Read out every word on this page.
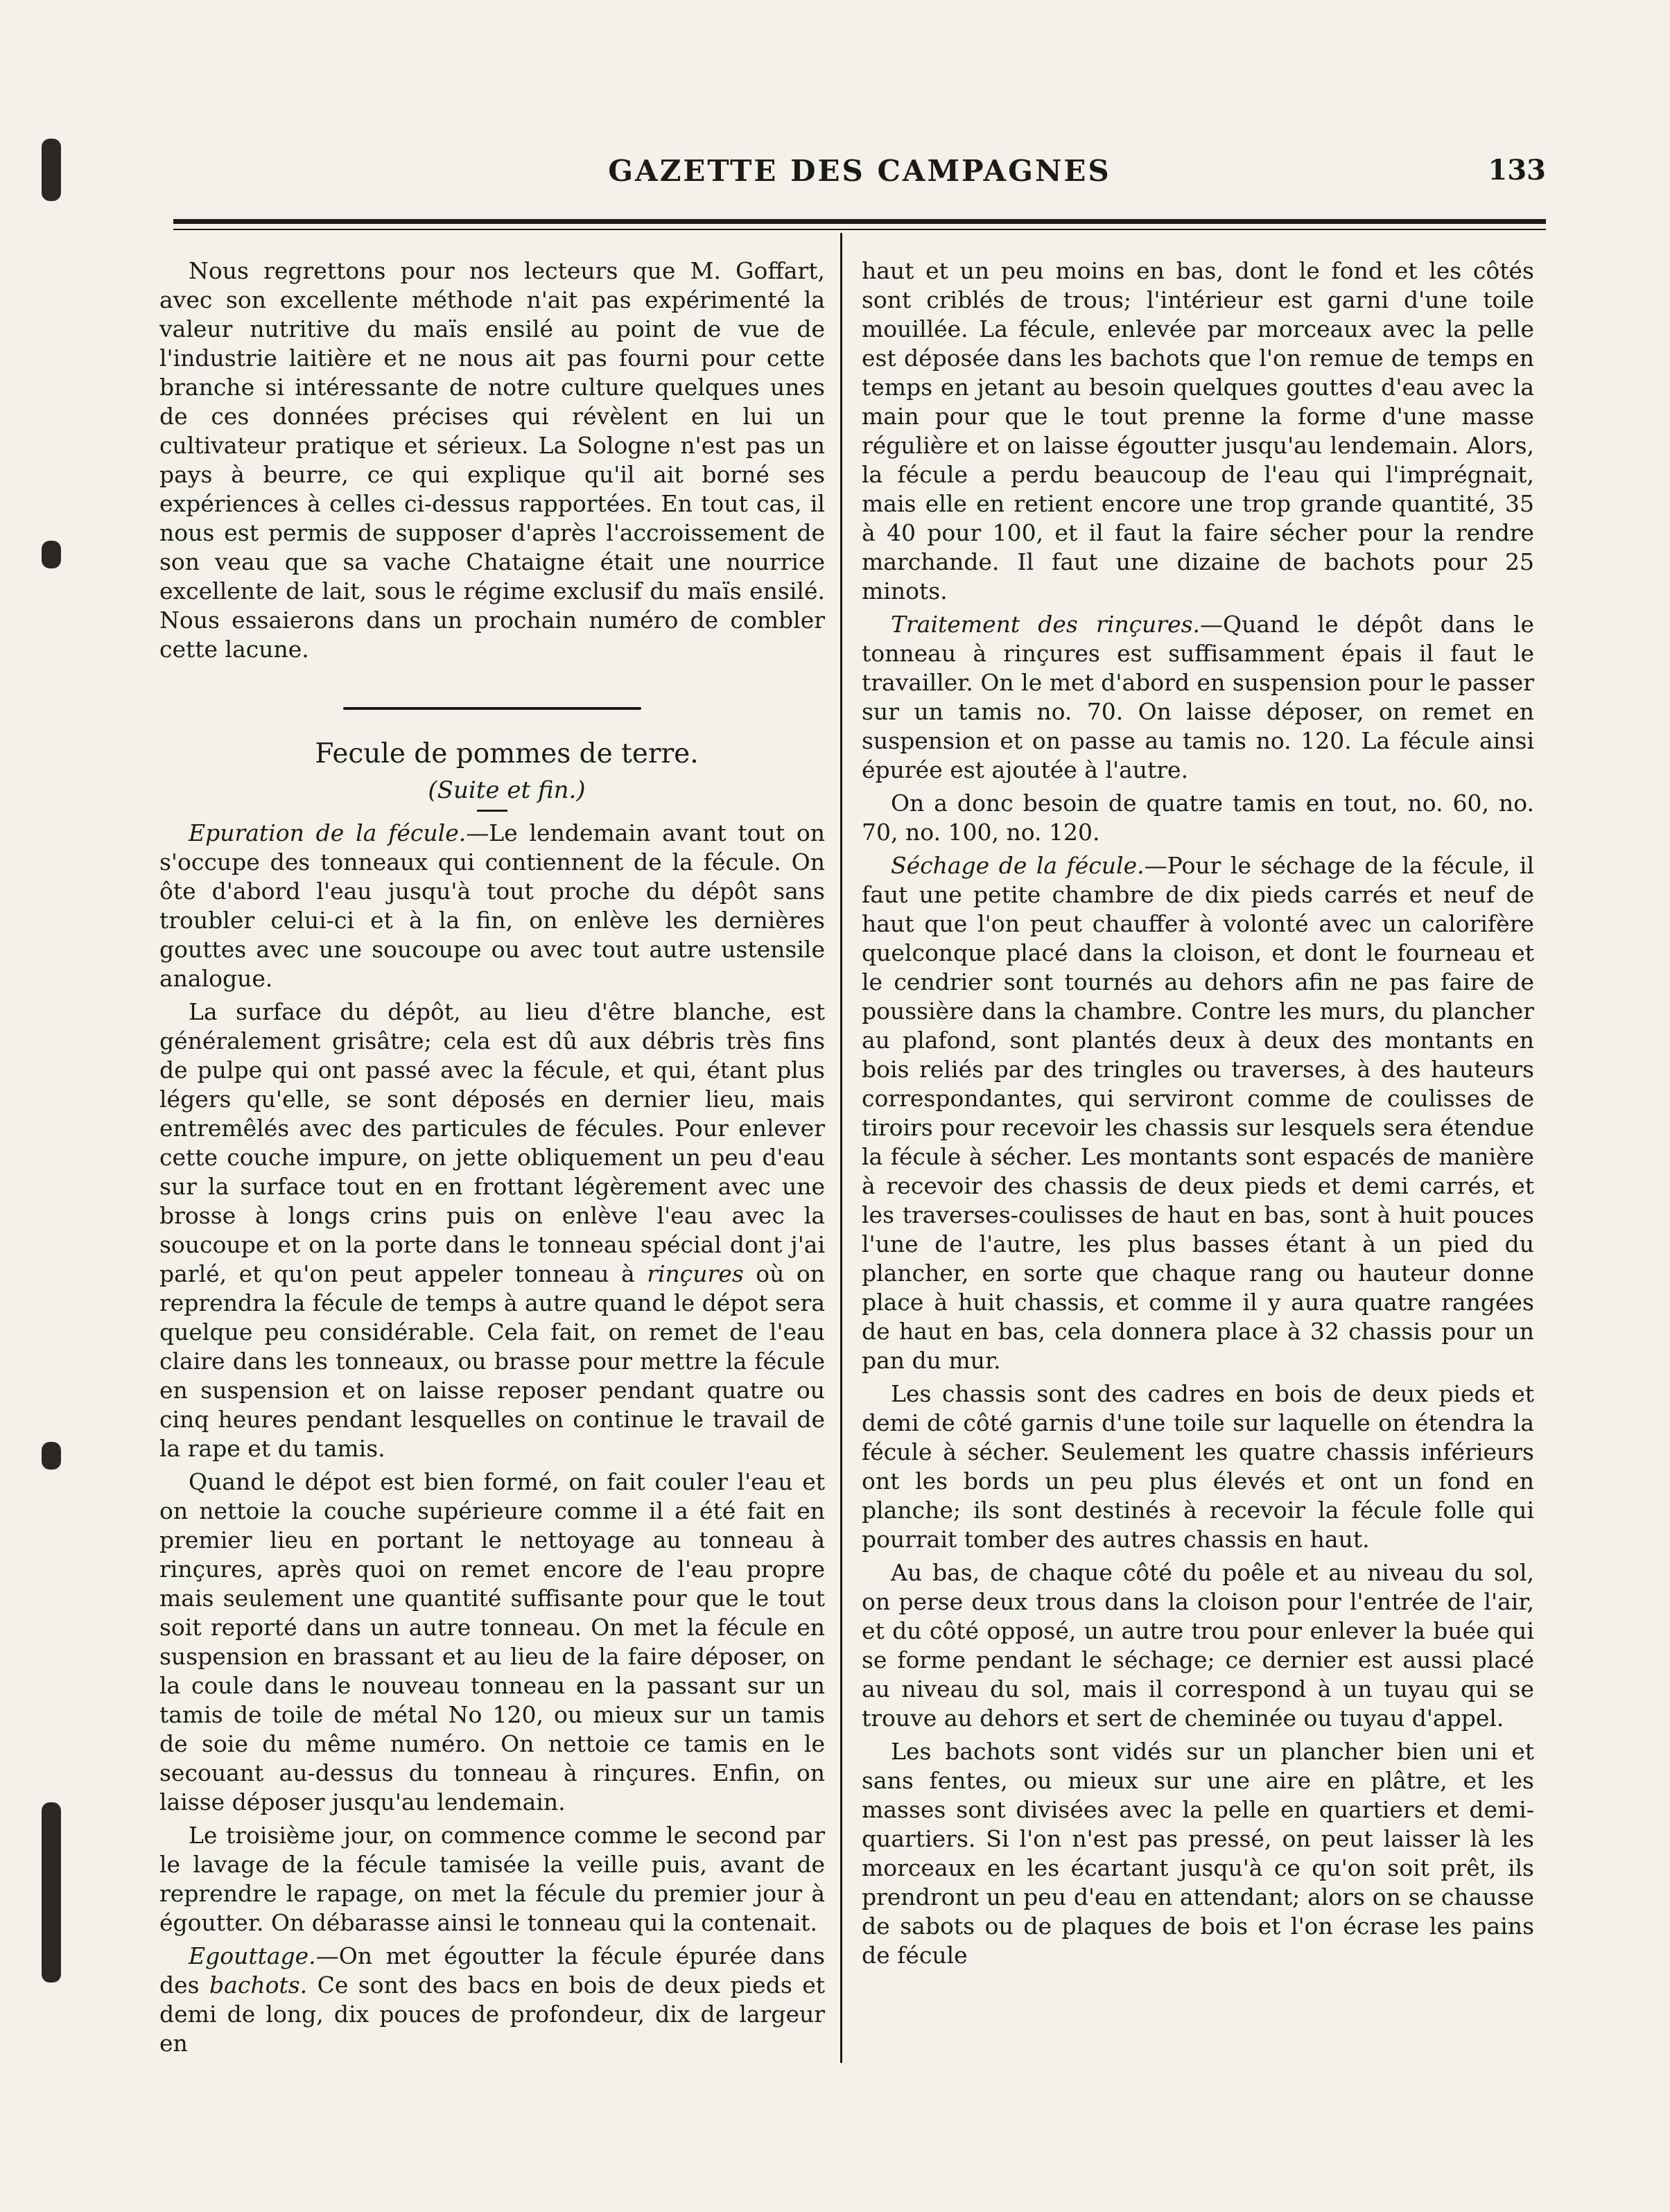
GAZETTE DES CAMPAGNES	133

Nous regrettons pour nos lecteurs que M. Goffart, avec son excellente méthode n'ait pas expérimenté la valeur nutritive du maïs ensilé au point de vue de l'industrie laitière et ne nous ait pas fourni pour cette branche si intéressante de notre culture quelques unes de ces données précises qui révèlent en lui un cultivateur pratique et sérieux. La Sologne n'est pas un pays à beurre, ce qui explique qu'il ait borné ses expériences à celles ci-dessus rapportées. En tout cas, il nous est permis de supposer d'après l'accroissement de son veau que sa vache Chataigne était une nourrice excellente de lait, sous le régime exclusif du maïs ensilé. Nous essaierons dans un prochain numéro de combler cette lacune.

Fecule de pommes de terre.

(Suite et fin.)

Epuration de la fécule.—Le lendemain avant tout on s'occupe des tonneaux qui contiennent de la fécule. On ôte d'abord l'eau jusqu'à tout proche du dépôt sans troubler celui-ci et à la fin, on enlève les dernières gouttes avec une soucoupe ou avec tout autre ustensile analogue.

La surface du dépôt, au lieu d'être blanche, est généralement grisâtre; cela est dû aux débris très fins de pulpe qui ont passé avec la fécule, et qui, étant plus légers qu'elle, se sont déposés en dernier lieu, mais entremêlés avec des particules de fécules. Pour enlever cette couche impure, on jette obliquement un peu d'eau sur la surface tout en en frottant légèrement avec une brosse à longs crins puis on enlève l'eau avec la soucoupe et on la porte dans le tonneau spécial dont j'ai parlé, et qu'on peut appeler tonneau à rinçures où on reprendra la fécule de temps à autre quand le dépot sera quelque peu considérable. Cela fait, on remet de l'eau claire dans les tonneaux, ou brasse pour mettre la fécule en suspension et on laisse reposer pendant quatre ou cinq heures pendant lesquelles on continue le travail de la rape et du tamis.

Quand le dépot est bien formé, on fait couler l'eau et on nettoie la couche supérieure comme il a été fait en premier lieu en portant le nettoyage au tonneau à rinçures, après quoi on remet encore de l'eau propre mais seulement une quantité suffisante pour que le tout soit reporté dans un autre tonneau. On met la fécule en suspension en brassant et au lieu de la faire déposer, on la coule dans le nouveau tonneau en la passant sur un tamis de toile de métal No 120, ou mieux sur un tamis de soie du même numéro. On nettoie ce tamis en le secouant au-dessus du tonneau à rinçures. Enfin, on laisse déposer jusqu'au lendemain.

Le troisième jour, on commence comme le second par le lavage de la fécule tamisée la veille puis, avant de reprendre le rapage, on met la fécule du premier jour à égoutter. On débarasse ainsi le tonneau qui la contenait.

Egouttage.—On met égoutter la fécule épurée dans des bachots. Ce sont des bacs en bois de deux pieds et demi de long, dix pouces de profondeur, dix de largeur en

haut et un peu moins en bas, dont le fond et les côtés sont criblés de trous; l'intérieur est garni d'une toile mouillée. La fécule, enlevée par morceaux avec la pelle est déposée dans les bachots que l'on remue de temps en temps en jetant au besoin quelques gouttes d'eau avec la main pour que le tout prenne la forme d'une masse régulière et on laisse égoutter jusqu'au lendemain. Alors, la fécule a perdu beaucoup de l'eau qui l'imprégnait, mais elle en retient encore une trop grande quantité, 35 à 40 pour 100, et il faut la faire sécher pour la rendre marchande. Il faut une dizaine de bachots pour 25 minots.

Traitement des rinçures.—Quand le dépôt dans le tonneau à rinçures est suffisamment épais il faut le travailler. On le met d'abord en suspension pour le passer sur un tamis no. 70. On laisse déposer, on remet en suspension et on passe au tamis no. 120. La fécule ainsi épurée est ajoutée à l'autre.

On a donc besoin de quatre tamis en tout, no. 60, no. 70, no. 100, no. 120.

Séchage de la fécule.—Pour le séchage de la fécule, il faut une petite chambre de dix pieds carrés et neuf de haut que l'on peut chauffer à volonté avec un calorifère quelconque placé dans la cloison, et dont le fourneau et le cendrier sont tournés au dehors afin ne pas faire de poussière dans la chambre. Contre les murs, du plancher au plafond, sont plantés deux à deux des montants en bois reliés par des tringles ou traverses, à des hauteurs correspondantes, qui serviront comme de coulisses de tiroirs pour recevoir les chassis sur lesquels sera étendue la fécule à sécher. Les montants sont espacés de manière à recevoir des chassis de deux pieds et demi carrés, et les traverses-coulisses de haut en bas, sont à huit pouces l'une de l'autre, les plus basses étant à un pied du plancher, en sorte que chaque rang ou hauteur donne place à huit chassis, et comme il y aura quatre rangées de haut en bas, cela donnera place à 32 chassis pour un pan du mur.

Les chassis sont des cadres en bois de deux pieds et demi de côté garnis d'une toile sur laquelle on étendra la fécule à sécher. Seulement les quatre chassis inférieurs ont les bords un peu plus élevés et ont un fond en planche; ils sont destinés à recevoir la fécule folle qui pourrait tomber des autres chassis en haut.

Au bas, de chaque côté du poêle et au niveau du sol, on perse deux trous dans la cloison pour l'entrée de l'air, et du côté opposé, un autre trou pour enlever la buée qui se forme pendant le séchage; ce dernier est aussi placé au niveau du sol, mais il correspond à un tuyau qui se trouve au dehors et sert de cheminée ou tuyau d'appel.

Les bachots sont vidés sur un plancher bien uni et sans fentes, ou mieux sur une aire en plâtre, et les masses sont divisées avec la pelle en quartiers et demi-quartiers. Si l'on n'est pas pressé, on peut laisser là les morceaux en les écartant jusqu'à ce qu'on soit prêt, ils prendront un peu d'eau en attendant; alors on se chausse de sabots ou de plaques de bois et l'on écrase les pains de fécule
